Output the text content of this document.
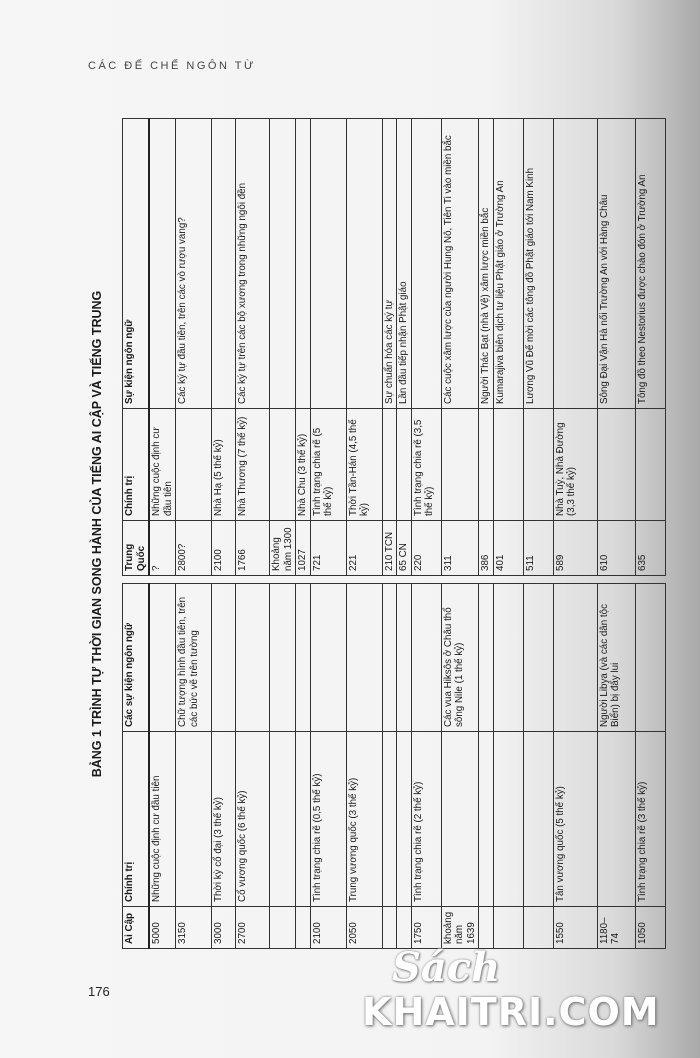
CÁC ĐẾ CHẾ NGÔN TỪ
BẢNG 1 TRÌNH TỰ THỜI GIAN SONG HÀNH CỦA TIẾNG AI CẬP VÀ TIẾNG TRUNG
Ai Cập	Chính trị	Các sự kiện ngôn ngữ		Trung Quốc	Chính trị	Sự kiện ngôn ngữ
5000	Những cuộc định cư đầu tiên			?	Những cuộc định cư đầu tiên	
3150		Chữ tượng hình đầu tiên, trên các bức vẽ trên tường		2800?		Các ký tự đầu tiên, trên các vò rượu vang?
3000	Thời kỳ cổ đại (3 thế kỷ)			2100	Nhà Hạ (5 thế kỷ)	
2700	Cổ vương quốc (6 thế kỷ)			1766	Nhà Thương (7 thế kỷ)	Các ký tự trên các bộ xương trong những ngôi đền
				Khoảng năm 1300		
				1027	Nhà Chu (3 thế kỷ)	
2100	Tình trạng chia rẽ (0,5 thế kỷ)			721	Tình trạng chia rẽ (5 thế kỷ)	
2050	Trung vương quốc (3 thế kỷ)			221	Thời Tần-Hán (4,5 thế kỷ)	
				210 TCN		Sự chuẩn hóa các ký tự
				65 CN		Lần đầu tiếp nhận Phật giáo
1750	Tình trạng chia rẽ (2 thế kỷ)			220	Tình trạng chia rẽ (3,5 thế kỷ)	
khoảng năm 1639		Các vua Hiksôs ở Châu thổ sông Nile (1 thế kỷ)		311		Các cuộc xâm lược của người Hung Nô, Tiên Ti vào miền bắc
				386		Người Thác Bạt (nhà Vệ) xâm lược miền bắc
				401		Kumarajiva biên dịch tư liệu Phật giáo ở Trường An
				511		Lương Vũ Đế mời các tông đồ Phật giáo tới Nam Kinh
1550	Tân vương quốc (5 thế kỷ)			589	Nhà Tuỳ, Nhà Đường (3,3 thế kỷ)	
1180–74		Người Libya (và các dân tộc Biển) bị đẩy lui		610		Sông Đại Vận Hà nối Trường An với Hàng Châu
1050	Tình trạng chia rẽ (3 thế kỷ)			635		Tông đồ theo Nestorius được chào đón ở Trường An
176
Sách
KHAITRI.COM
